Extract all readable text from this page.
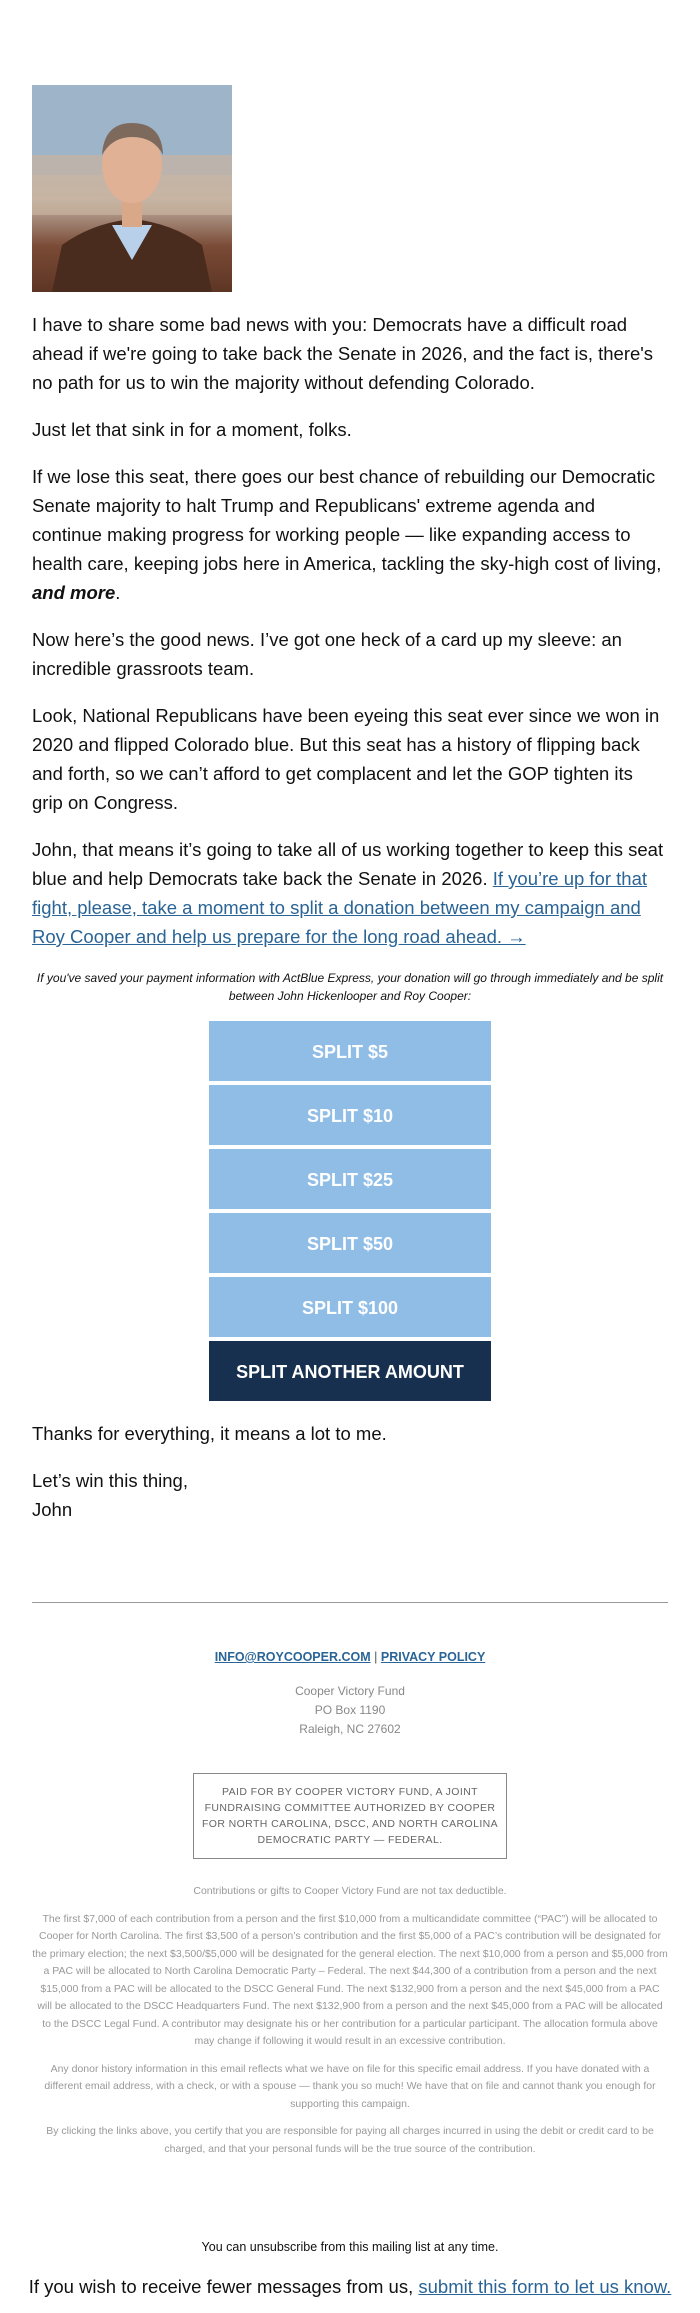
I have to share some bad news with you: Democrats have a difficult road ahead if we're going to take back the Senate in 2026, and the fact is, there's no path for us to win the majority without defending Colorado.

Just let that sink in for a moment, folks.

If we lose this seat, there goes our best chance of rebuilding our Democratic Senate majority to halt Trump and Republicans' extreme agenda and continue making progress for working people — like expanding access to health care, keeping jobs here in America, tackling the sky-high cost of living, and more.

Now here’s the good news. I’ve got one heck of a card up my sleeve: an incredible grassroots team.

Look, National Republicans have been eyeing this seat ever since we won in 2020 and flipped Colorado blue. But this seat has a history of flipping back and forth, so we can’t afford to get complacent and let the GOP tighten its grip on Congress.

John, that means it’s going to take all of us working together to keep this seat blue and help Democrats take back the Senate in 2026. If you’re up for that fight, please, take a moment to split a donation between my campaign and Roy Cooper and help us prepare for the long road ahead. →

If you've saved your payment information with ActBlue Express, your donation will go through immediately and be split between John Hickenlooper and Roy Cooper:
SPLIT $5
SPLIT $10
SPLIT $25
SPLIT $50
SPLIT $100
SPLIT ANOTHER AMOUNT

Thanks for everything, it means a lot to me.

Let’s win this thing,

John

INFO@ROYCOOPER.COM | PRIVACY POLICY
Cooper Victory Fund
PO Box 1190
Raleigh, NC 27602
PAID FOR BY COOPER VICTORY FUND, A JOINT FUNDRAISING COMMITTEE AUTHORIZED BY COOPER FOR NORTH CAROLINA, DSCC, AND NORTH CAROLINA DEMOCRATIC PARTY — FEDERAL.

Contributions or gifts to Cooper Victory Fund are not tax deductible.

The first $7,000 of each contribution from a person and the first $10,000 from a multicandidate committee (“PAC”) will be allocated to Cooper for North Carolina. The first $3,500 of a person’s contribution and the first $5,000 of a PAC’s contribution will be designated for the primary election; the next $3,500/$5,000 will be designated for the general election. The next $10,000 from a person and $5,000 from a PAC will be allocated to North Carolina Democratic Party – Federal. The next $44,300 of a contribution from a person and the next $15,000 from a PAC will be allocated to the DSCC General Fund. The next $132,900 from a person and the next $45,000 from a PAC will be allocated to the DSCC Headquarters Fund. The next $132,900 from a person and the next $45,000 from a PAC will be allocated to the DSCC Legal Fund. A contributor may designate his or her contribution for a particular participant. The allocation formula above may change if following it would result in an excessive contribution.

Any donor history information in this email reflects what we have on file for this specific email address. If you have donated with a different email address, with a check, or with a spouse — thank you so much! We have that on file and cannot thank you enough for supporting this campaign.

By clicking the links above, you certify that you are responsible for paying all charges incurred in using the debit or credit card to be charged, and that your personal funds will be the true source of the contribution.

You can unsubscribe from this mailing list at any time.
If you wish to receive fewer messages from us, submit this form to let us know.
